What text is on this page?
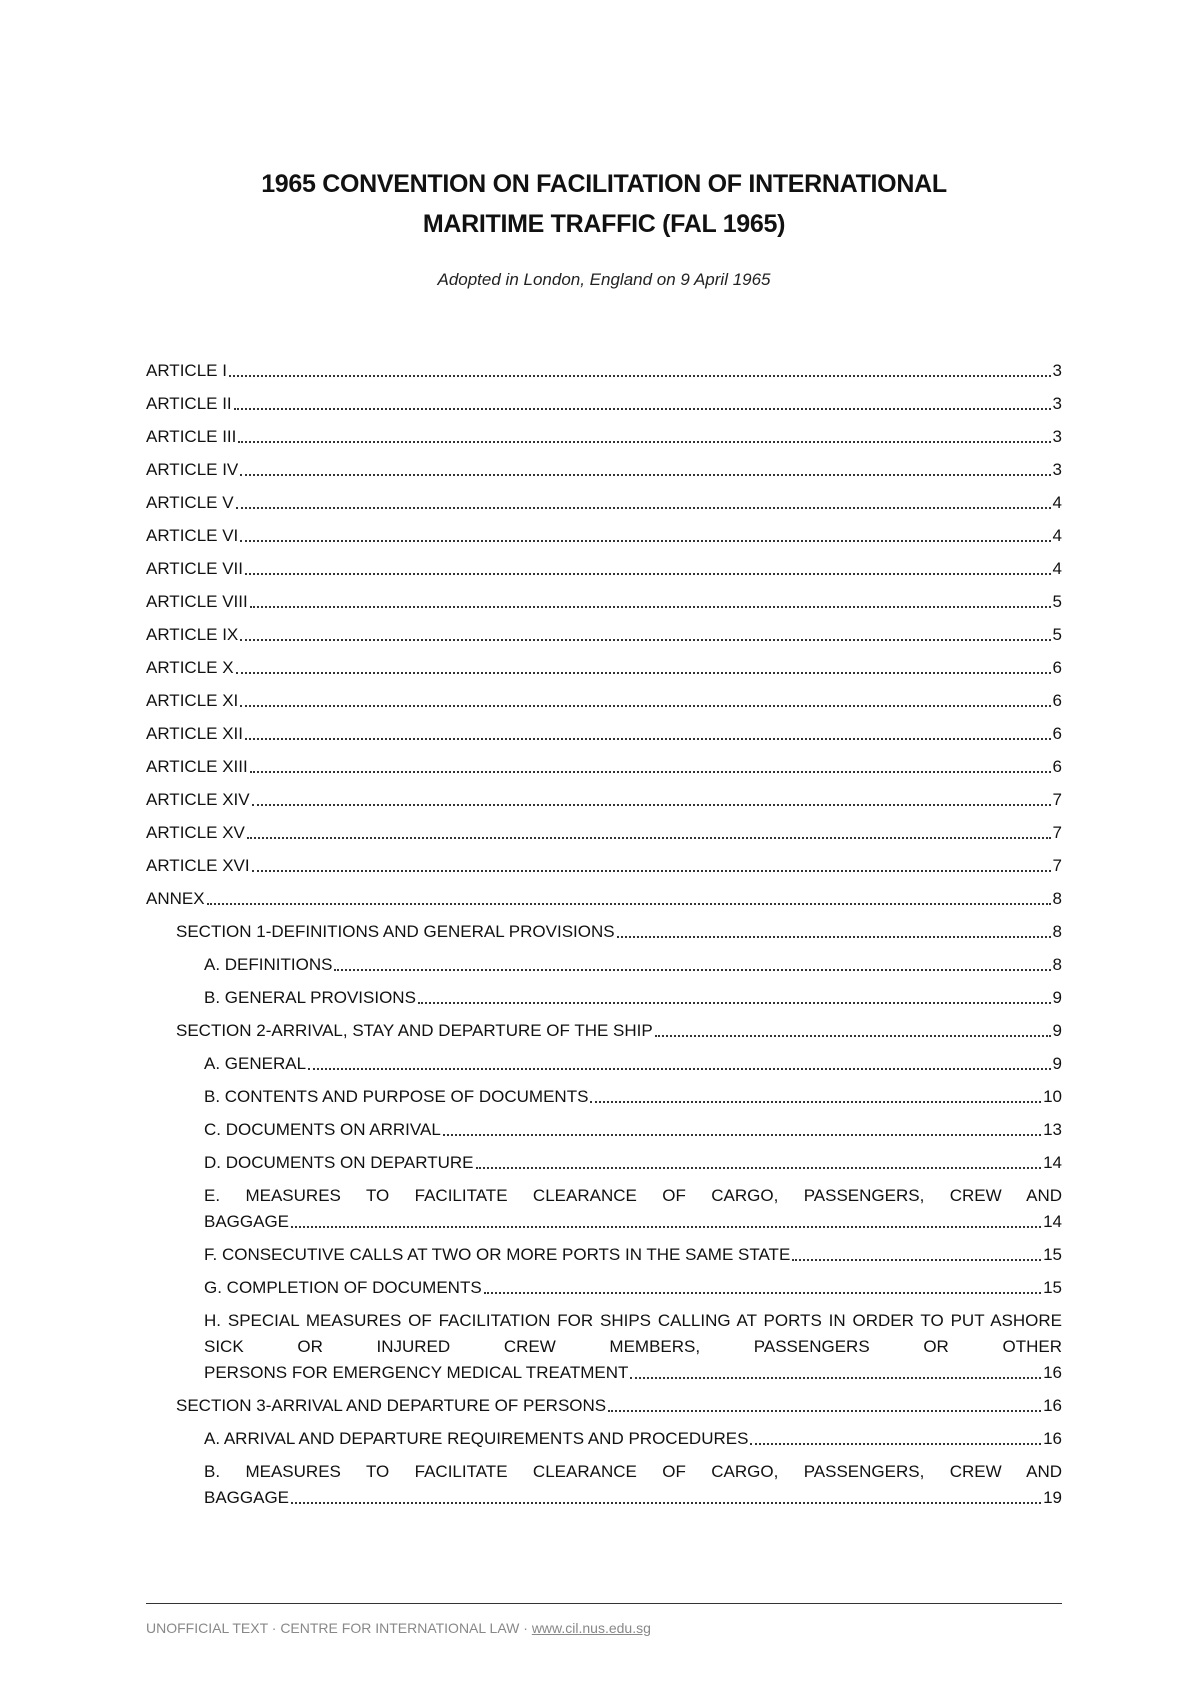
1965 CONVENTION ON FACILITATION OF INTERNATIONAL
MARITIME TRAFFIC (FAL 1965)
Adopted in London, England on 9 April 1965
ARTICLE I	3
ARTICLE II	3
ARTICLE III	3
ARTICLE IV	3
ARTICLE V	4
ARTICLE VI	4
ARTICLE VII	4
ARTICLE VIII	5
ARTICLE IX	5
ARTICLE X	6
ARTICLE XI	6
ARTICLE XII	6
ARTICLE XIII	6
ARTICLE XIV	7
ARTICLE XV	7
ARTICLE XVI	7
ANNEX	8
SECTION 1-DEFINITIONS AND GENERAL PROVISIONS	8
A. DEFINITIONS	8
B. GENERAL PROVISIONS	9
SECTION 2-ARRIVAL, STAY AND DEPARTURE OF THE SHIP	9
A. GENERAL	9
B. CONTENTS AND PURPOSE OF DOCUMENTS	10
C. DOCUMENTS ON ARRIVAL	13
D. DOCUMENTS ON DEPARTURE	14
E. MEASURES TO FACILITATE CLEARANCE OF CARGO, PASSENGERS, CREW AND
BAGGAGE	14
F. CONSECUTIVE CALLS AT TWO OR MORE PORTS IN THE SAME STATE	15
G. COMPLETION OF DOCUMENTS	15
H. SPECIAL MEASURES OF FACILITATION FOR SHIPS CALLING AT PORTS IN ORDER TO PUT ASHORE SICK OR INJURED CREW MEMBERS, PASSENGERS OR OTHER
PERSONS FOR EMERGENCY MEDICAL TREATMENT	16
SECTION 3-ARRIVAL AND DEPARTURE OF PERSONS	16
A. ARRIVAL AND DEPARTURE REQUIREMENTS AND PROCEDURES	16
B. MEASURES TO FACILITATE CLEARANCE OF CARGO, PASSENGERS, CREW AND
BAGGAGE	19
UNOFFICIAL TEXT · CENTRE FOR INTERNATIONAL LAW · www.cil.nus.edu.sg
